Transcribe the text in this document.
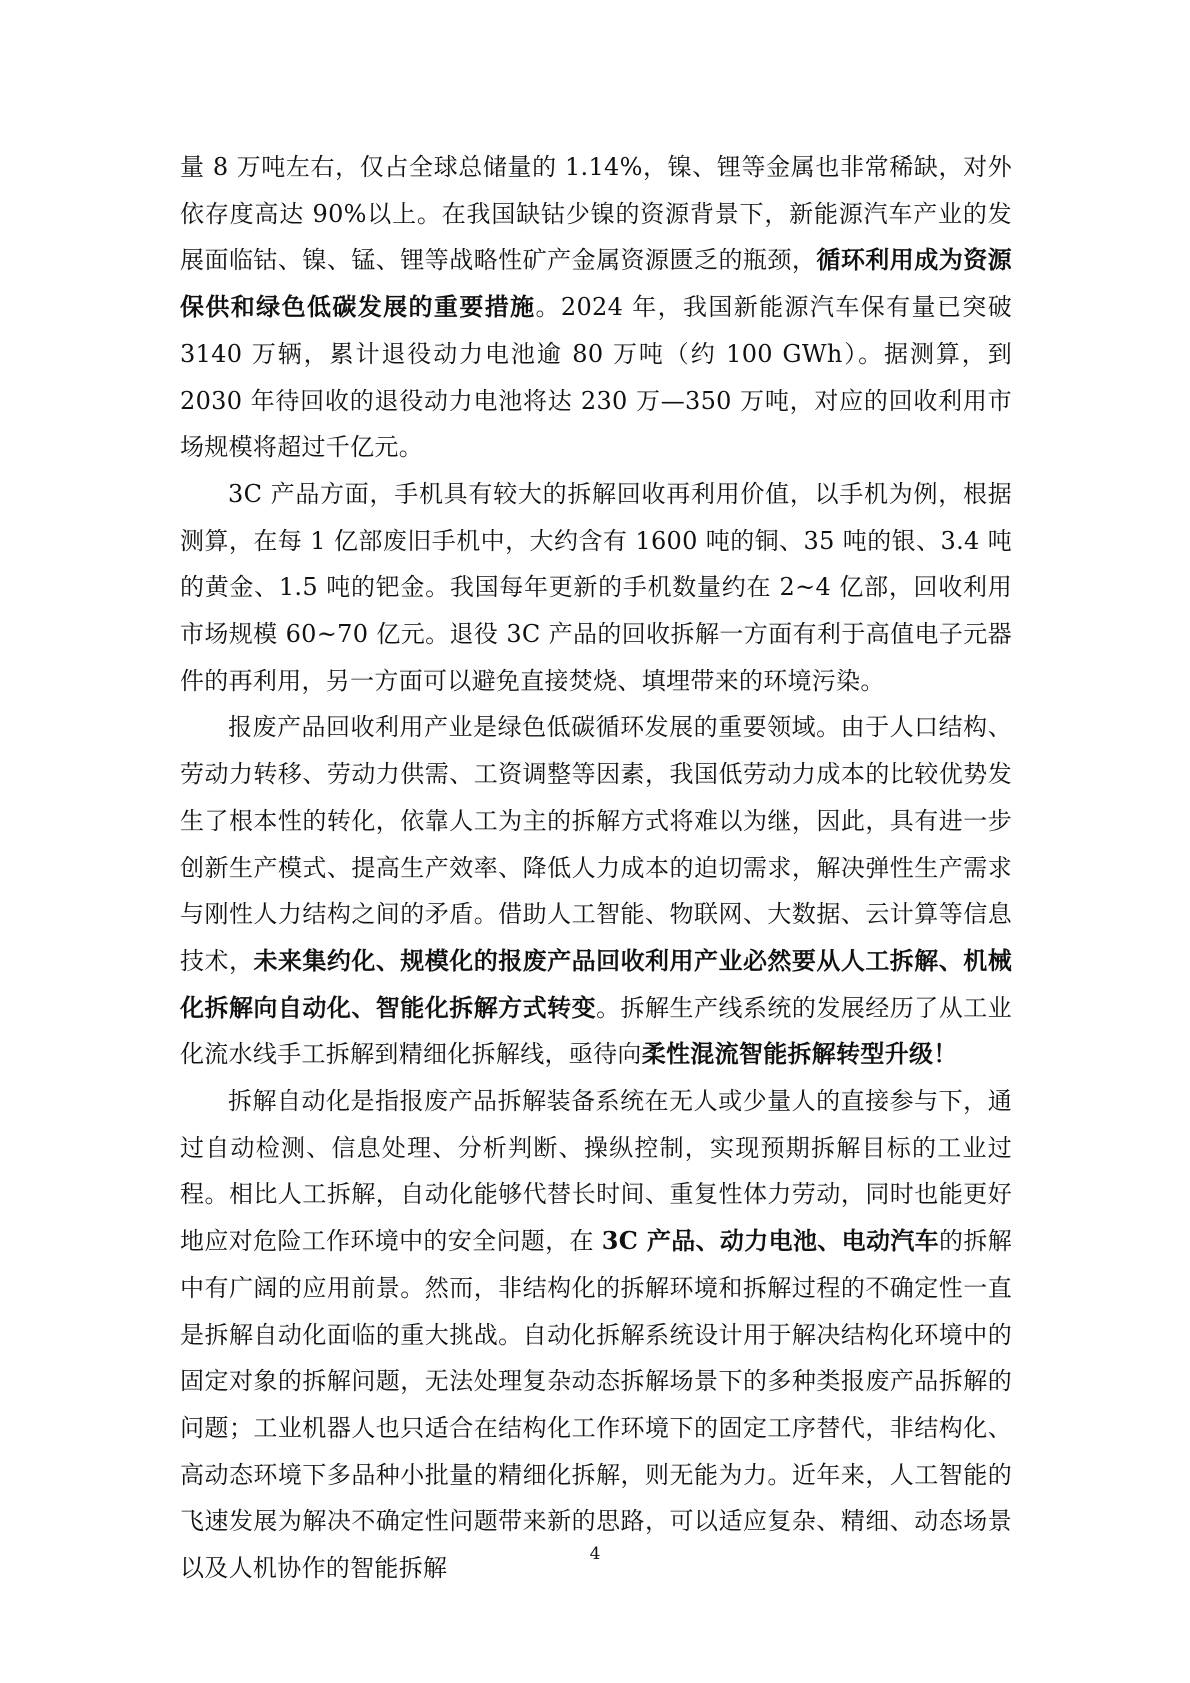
量 8 万吨左右，仅占全球总储量的 1.14%，镍、锂等金属也非常稀缺，对外依存度高达 90%以上。在我国缺钴少镍的资源背景下，新能源汽车产业的发展面临钴、镍、锰、锂等战略性矿产金属资源匮乏的瓶颈，循环利用成为资源保供和绿色低碳发展的重要措施。2024 年，我国新能源汽车保有量已突破 3140 万辆，累计退役动力电池逾 80 万吨（约 100 GWh）。据测算，到 2030 年待回收的退役动力电池将达 230 万—350 万吨，对应的回收利用市场规模将超过千亿元。

3C 产品方面，手机具有较大的拆解回收再利用价值，以手机为例，根据测算，在每 1 亿部废旧手机中，大约含有 1600 吨的铜、35 吨的银、3.4 吨的黄金、1.5 吨的钯金。我国每年更新的手机数量约在 2~4 亿部，回收利用市场规模 60~70 亿元。退役 3C 产品的回收拆解一方面有利于高值电子元器件的再利用，另一方面可以避免直接焚烧、填埋带来的环境污染。

报废产品回收利用产业是绿色低碳循环发展的重要领域。由于人口结构、劳动力转移、劳动力供需、工资调整等因素，我国低劳动力成本的比较优势发生了根本性的转化，依靠人工为主的拆解方式将难以为继，因此，具有进一步创新生产模式、提高生产效率、降低人力成本的迫切需求，解决弹性生产需求与刚性人力结构之间的矛盾。借助人工智能、物联网、大数据、云计算等信息技术，未来集约化、规模化的报废产品回收利用产业必然要从人工拆解、机械化拆解向自动化、智能化拆解方式转变。拆解生产线系统的发展经历了从工业化流水线手工拆解到精细化拆解线，亟待向柔性混流智能拆解转型升级！

拆解自动化是指报废产品拆解装备系统在无人或少量人的直接参与下，通过自动检测、信息处理、分析判断、操纵控制，实现预期拆解目标的工业过程。相比人工拆解，自动化能够代替长时间、重复性体力劳动，同时也能更好地应对危险工作环境中的安全问题，在 3C 产品、动力电池、电动汽车的拆解中有广阔的应用前景。然而，非结构化的拆解环境和拆解过程的不确定性一直是拆解自动化面临的重大挑战。自动化拆解系统设计用于解决结构化环境中的固定对象的拆解问题，无法处理复杂动态拆解场景下的多种类报废产品拆解的问题；工业机器人也只适合在结构化工作环境下的固定工序替代，非结构化、高动态环境下多品种小批量的精细化拆解，则无能为力。近年来，人工智能的飞速发展为解决不确定性问题带来新的思路，可以适应复杂、精细、动态场景以及人机协作的智能拆解

4
